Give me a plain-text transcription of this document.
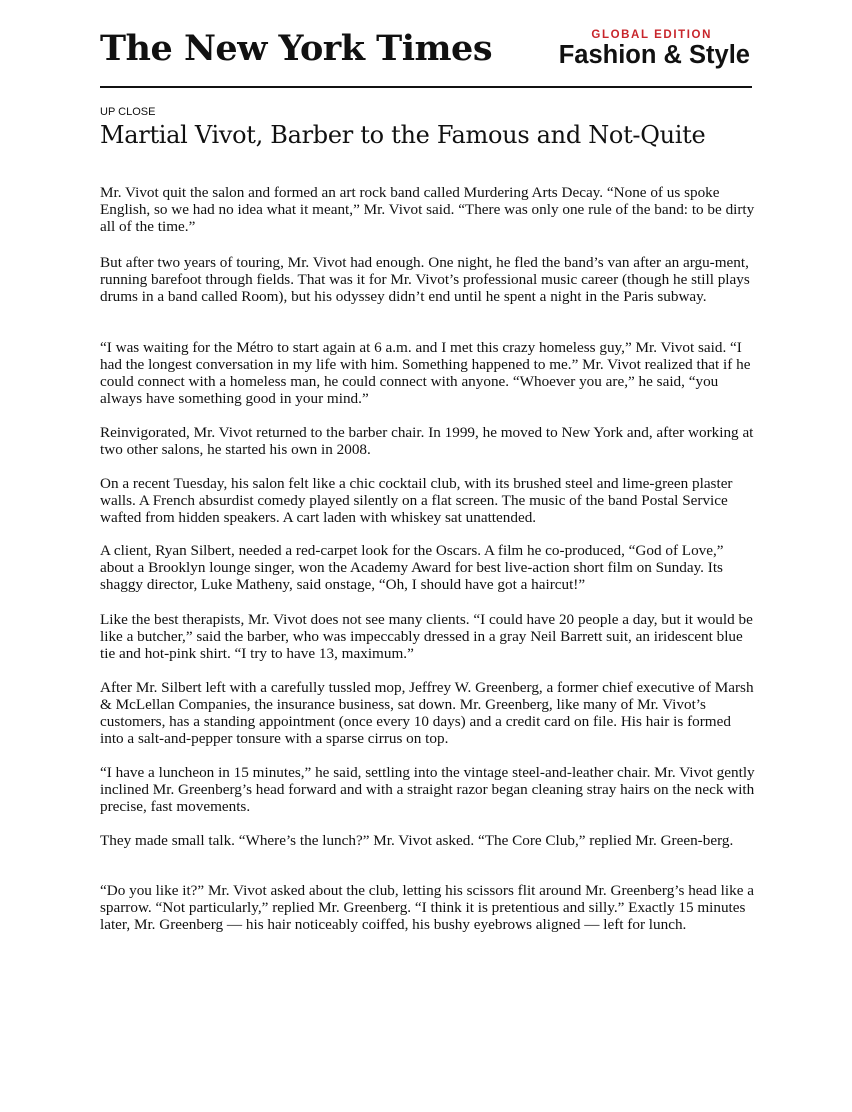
The New York Times	GLOBAL EDITION
Fashion & Style
UP CLOSE
Martial Vivot, Barber to the Famous and Not-Quite

Mr. Vivot quit the salon and formed an art rock band called Murdering Arts Decay. “None of us spoke English, so we had no idea what it meant,” Mr. Vivot said. “There was only one rule of the band: to be dirty all of the time.”

But after two years of touring, Mr. Vivot had enough. One night, he fled the band’s van after an argu-ment, running barefoot through fields. That was it for Mr. Vivot’s professional music career (though he still plays drums in a band called Room), but his odyssey didn’t end until he spent a night in the Paris subway.

“I was waiting for the Métro to start again at 6 a.m. and I met this crazy homeless guy,” Mr. Vivot said. “I had the longest conversation in my life with him. Something happened to me.” Mr. Vivot realized that if he could connect with a homeless man, he could connect with anyone. “Whoever you are,” he said, “you always have something good in your mind.”

Reinvigorated, Mr. Vivot returned to the barber chair. In 1999, he moved to New York and, after working at two other salons, he started his own in 2008.

On a recent Tuesday, his salon felt like a chic cocktail club, with its brushed steel and lime-green plaster walls. A French absurdist comedy played silently on a flat screen. The music of the band Postal Service wafted from hidden speakers. A cart laden with whiskey sat unattended.

A client, Ryan Silbert, needed a red-carpet look for the Oscars. A film he co-produced, “God of Love,” about a Brooklyn lounge singer, won the Academy Award for best live-action short film on Sunday. Its shaggy director, Luke Matheny, said onstage, “Oh, I should have got a haircut!”

Like the best therapists, Mr. Vivot does not see many clients. “I could have 20 people a day, but it would be like a butcher,” said the barber, who was impeccably dressed in a gray Neil Barrett suit, an iridescent blue tie and hot-pink shirt. “I try to have 13, maximum.”

After Mr. Silbert left with a carefully tussled mop, Jeffrey W. Greenberg, a former chief executive of Marsh & McLellan Companies, the insurance business, sat down. Mr. Greenberg, like many of Mr. Vivot’s customers, has a standing appointment (once every 10 days) and a credit card on file. His hair is formed into a salt-and-pepper tonsure with a sparse cirrus on top.

“I have a luncheon in 15 minutes,” he said, settling into the vintage steel-and-leather chair. Mr. Vivot gently inclined Mr. Greenberg’s head forward and with a straight razor began cleaning stray hairs on the neck with precise, fast movements.

They made small talk. “Where’s the lunch?” Mr. Vivot asked. “The Core Club,” replied Mr. Green-berg.

“Do you like it?” Mr. Vivot asked about the club, letting his scissors flit around Mr. Greenberg’s head like a sparrow. “Not particularly,” replied Mr. Greenberg. “I think it is pretentious and silly.” Exactly 15 minutes later, Mr. Greenberg — his hair noticeably coiffed, his bushy eyebrows aligned — left for lunch.
